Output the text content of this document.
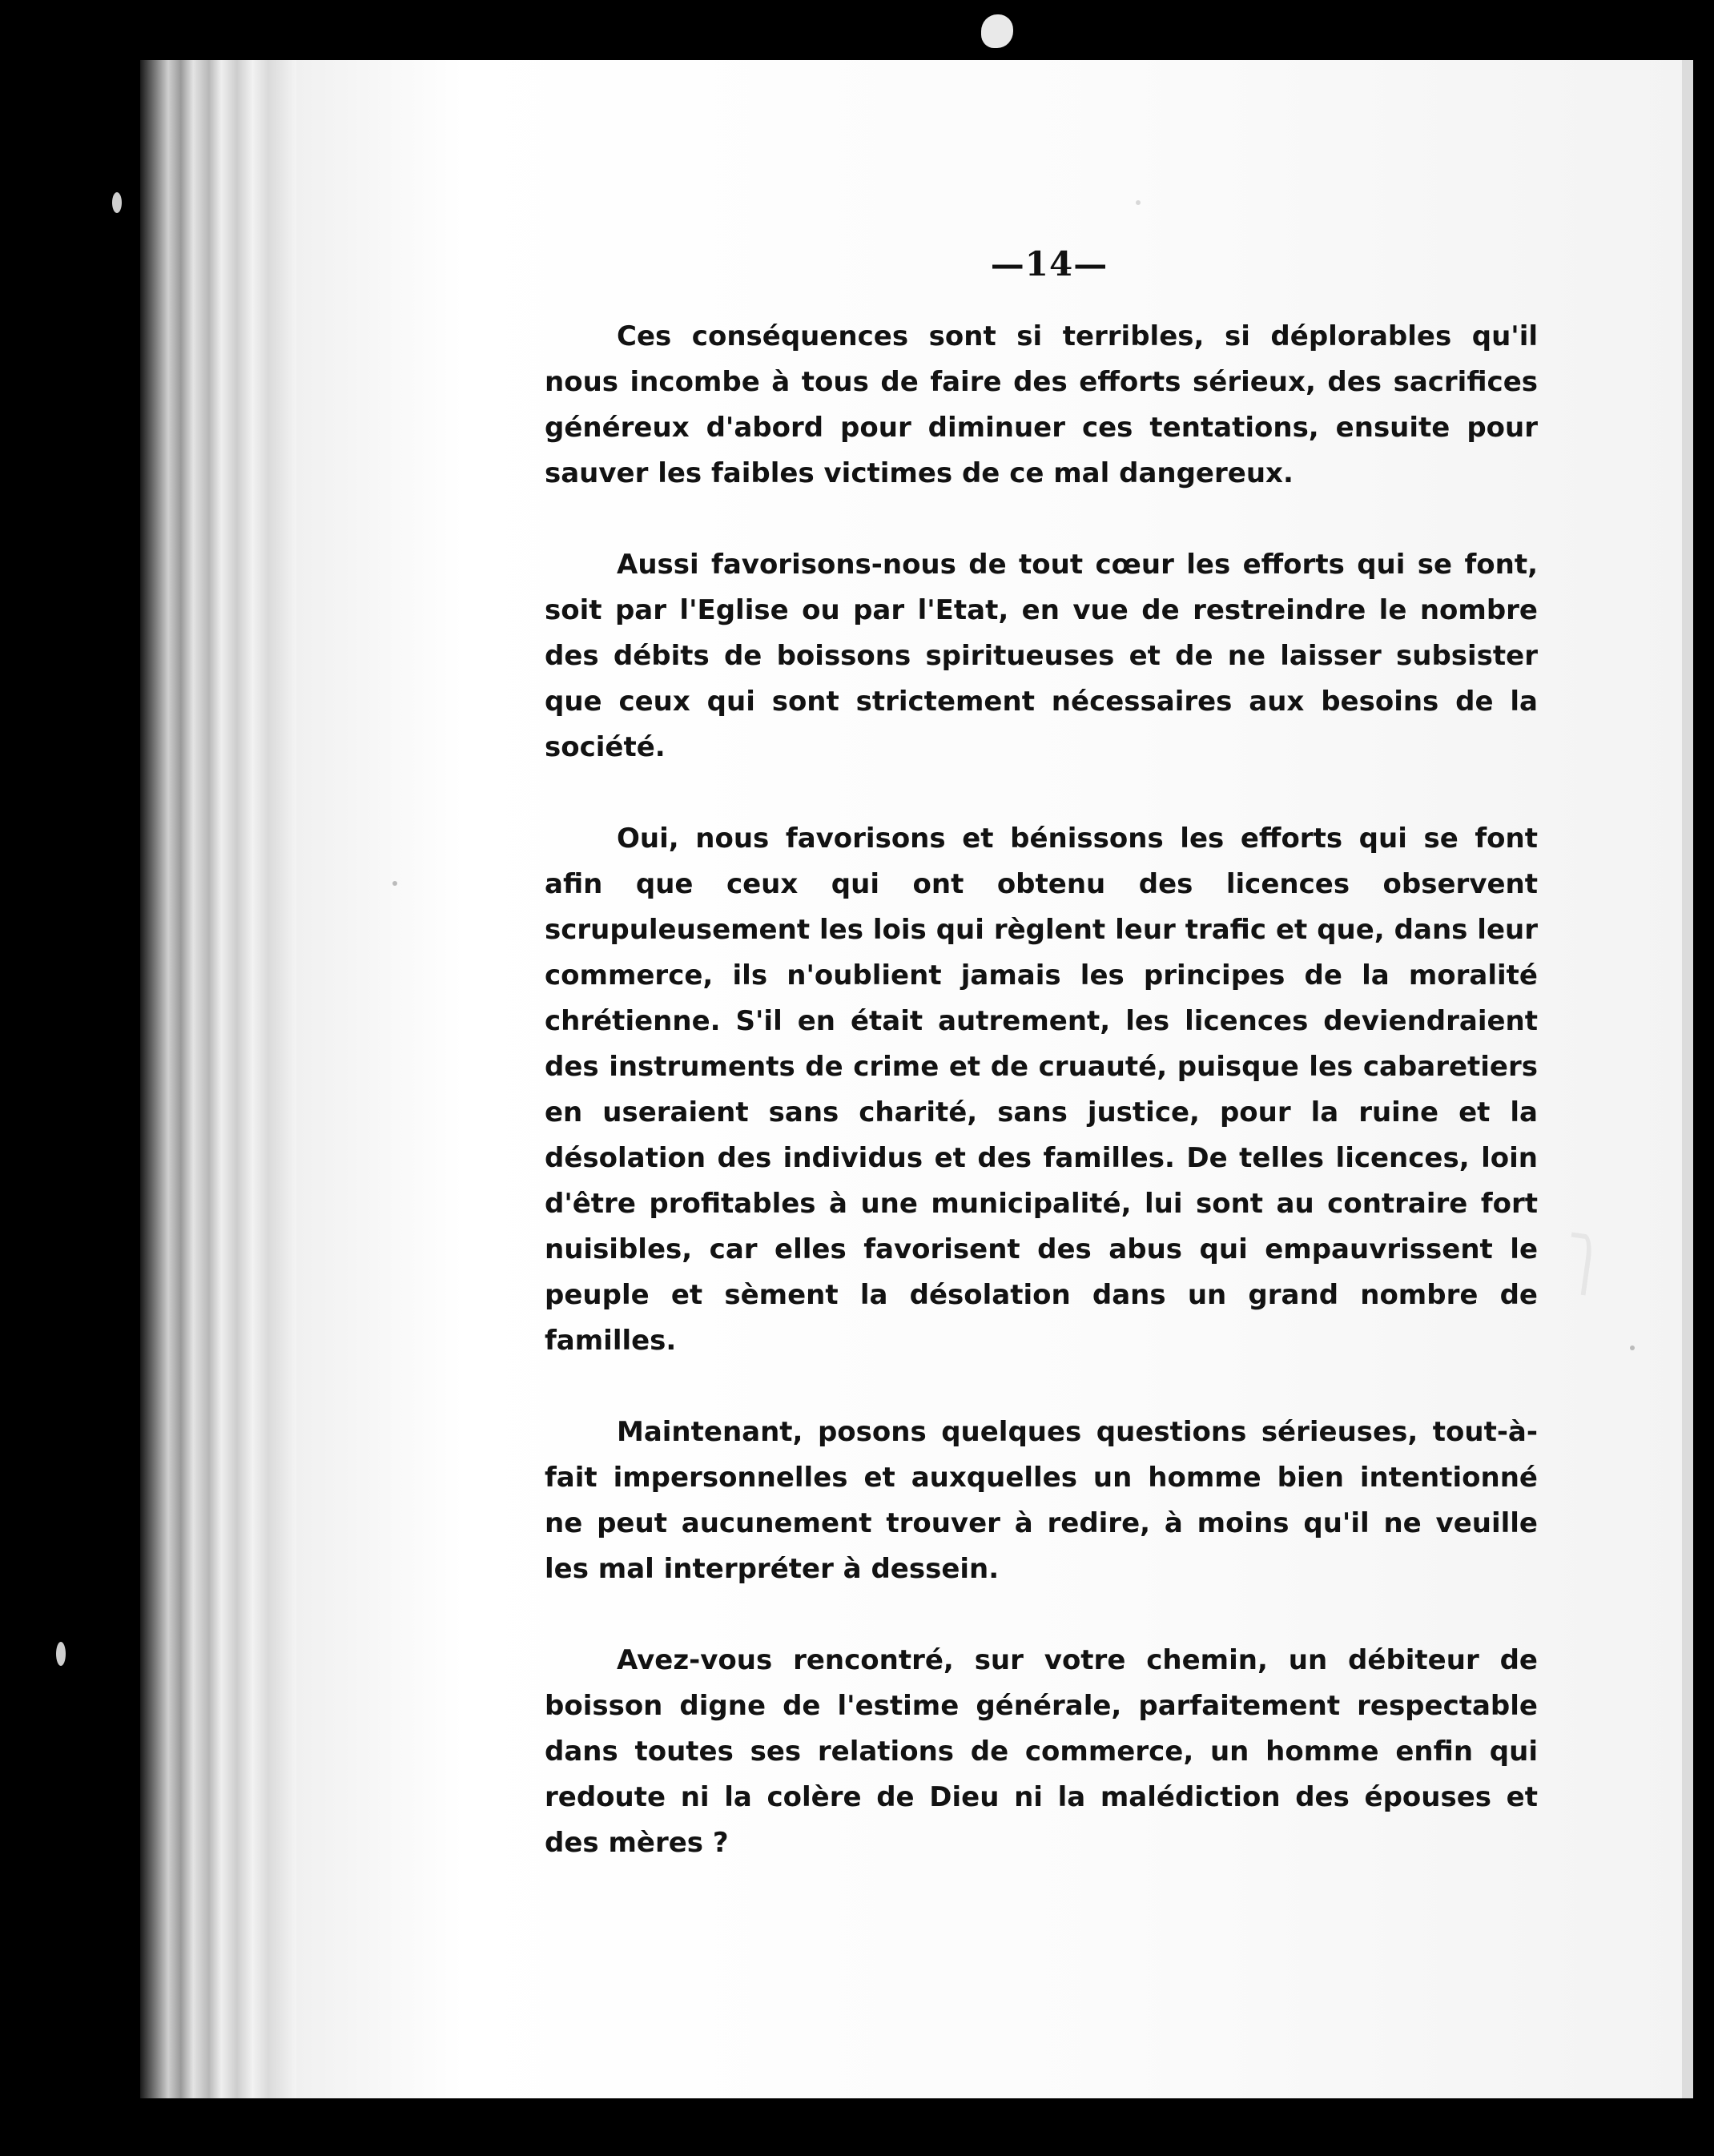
—14—

Ces conséquences sont si terribles, si déplorables qu'il nous incombe à tous de faire des efforts sérieux, des sacrifices généreux d'abord pour diminuer ces tentations, ensuite pour sauver les faibles victimes de ce mal dangereux.

Aussi favorisons-nous de tout cœur les efforts qui se font, soit par l'Eglise ou par l'Etat, en vue de restreindre le nombre des débits de boissons spiritueuses et de ne laisser subsister que ceux qui sont strictement nécessaires aux besoins de la société.

Oui, nous favorisons et bénissons les efforts qui se font afin que ceux qui ont obtenu des licences observent scrupuleusement les lois qui règlent leur trafic et que, dans leur commerce, ils n'oublient jamais les principes de la moralité chrétienne. S'il en était autrement, les licences deviendraient des instruments de crime et de cruauté, puisque les cabaretiers en useraient sans charité, sans justice, pour la ruine et la désolation des individus et des familles. De telles licences, loin d'être profitables à une municipalité, lui sont au contraire fort nuisibles, car elles favorisent des abus qui empauvrissent le peuple et sèment la désolation dans un grand nombre de familles.

Maintenant, posons quelques questions sérieuses, tout-à-fait impersonnelles et auxquelles un homme bien intentionné ne peut aucunement trouver à redire, à moins qu'il ne veuille les mal interpréter à dessein.

Avez-vous rencontré, sur votre chemin, un débiteur de boisson digne de l'estime générale, parfaitement respectable dans toutes ses relations de commerce, un homme enfin qui redoute ni la colère de Dieu ni la malédiction des épouses et des mères ?
